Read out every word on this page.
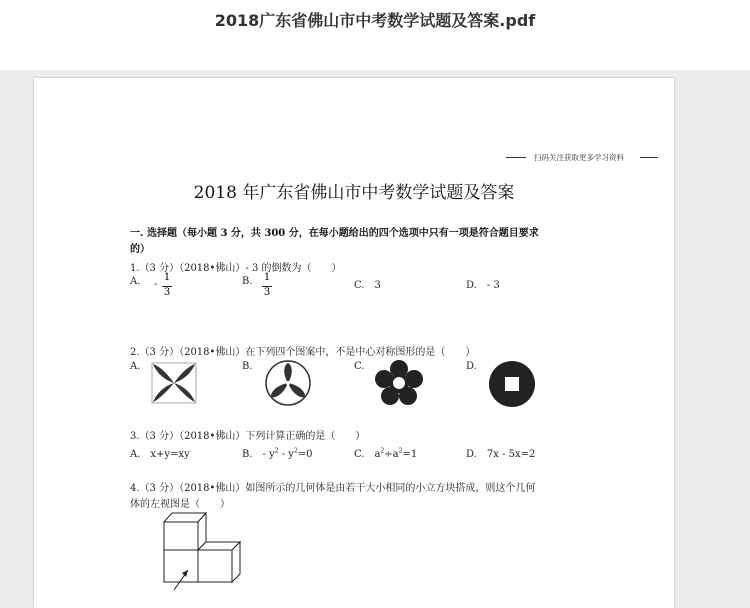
2018广东省佛山市中考数学试题及答案.pdf
扫码关注获取更多学习资料
2018 年广东省佛山市中考数学试题及答案
一. 选择题（每小题 3 分，共 300 分，在每小题给出的四个选项中只有一项是符合题目要求
的）
1.（3 分）（2018•佛山）- 3 的倒数为（　　）
A. -
1
3
B. 1
3
C.　3	D.　- 3
2.（3 分）（2018•佛山）在下列四个图案中，不是中心对称图形的是（　　）
A.	B.	C.	D.
3.（3 分）（2018•佛山）下列计算正确的是（　　）
A.　x+y=xy	B.　- $y^2 - y^2=0$	C.　$a^2\div a^2=1$	D.　7x - 5x=2
4.（3 分）（2018•佛山）如图所示的几何体是由若干大小相同的小立方块搭成，则这个几何
体的左视图是（　　）
